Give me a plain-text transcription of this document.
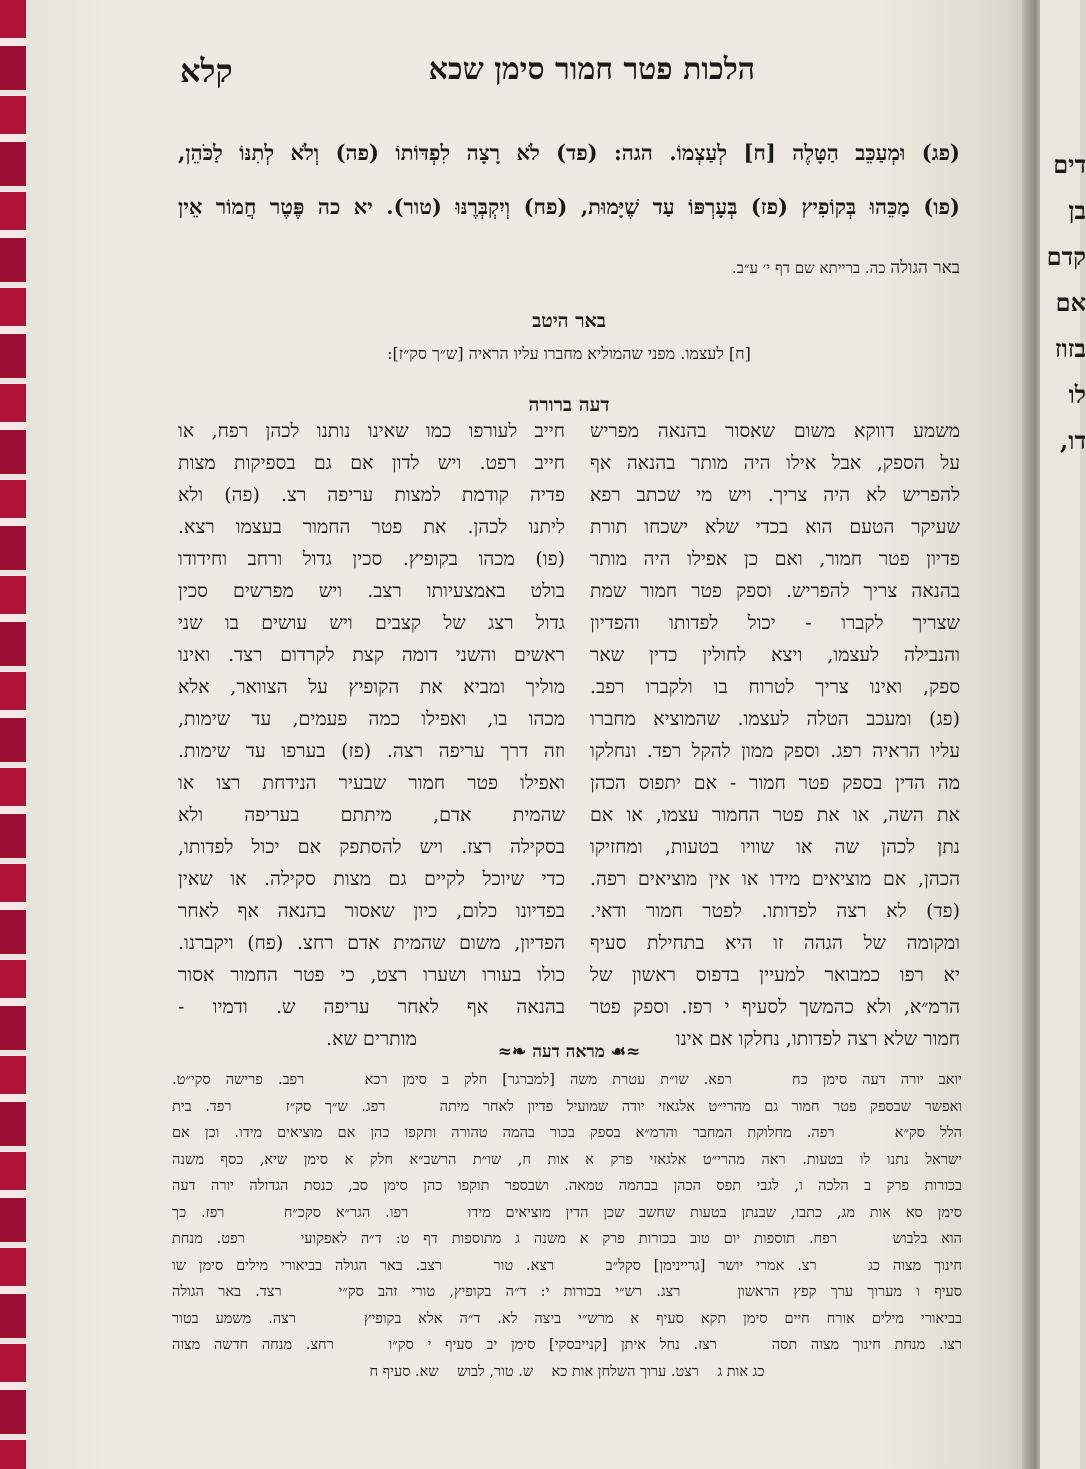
דים
בן
קדם
אם
בזוז
לו
דו,
הלכות פטר חמור סימן שכא
קלא
(פג) וּמְעַכֵּב הַטָּלֶה [ח] לְעַצְמוֹ. הגה: (פד) לֹא רָצָה לִפְדּוֹתוֹ (פה) וְלֹא לְתִנּוֹ לַכֹּהֵן,
(פו) מַכֵּהוּ בְּקוֹפִיץ (פז) בְּעָרְפּוֹ עַד שֶׁיָּמוּת, (פח) וְיִקְבְּרֶנּוּ (טור). יא כה פֶּטֶר חֲמוֹר אֵין
באר הגולה כה. ברייתא שם דף י׳ ע״ב.
באר היטב
[ח] לעצמו. מפני שהמוליא מחברו עליו הראיה [ש״ך סק״ז]:
דעה ברורה
משמע דווקא משום שאסור בהנאה מפריש
על הספק, אבל אילו היה מותר בהנאה אף
להפריש לא היה צריך. ויש מי שכתב רפא
שעיקר הטעם הוא בכדי שלא ישכחו תורת
פדיון פטר חמור, ואם כן אפילו היה מותר
בהנאה צריך להפריש. וספק פטר חמור שמת
שצריך לקברו - יכול לפדותו והפדיון
והנבילה לעצמו, ויצא לחולין כדין שאר
ספק, ואינו צריך לטרוח בו ולקברו רפב.
(פג) ומעכב הטלה לעצמו. שהמוציא מחברו
עליו הראיה רפג. וספק ממון להקל רפד. ונחלקו
מה הדין בספק פטר חמור - אם יתפוס הכהן
את השה, או את פטר החמור עצמו, או אם
נתן לכהן שה או שוויו בטעות, ומחזיקו
הכהן, אם מוציאים מידו או אין מוציאים רפה.
(פד) לא רצה לפדותו. לפטר חמור ודאי.
ומקומה של הגהה זו היא בתחילת סעיף
יא רפו כמבואר למעיין בדפוס ראשון של
הרמ״א, ולא כהמשך לסעיף י רפז. וספק פטר
חמור שלא רצה לפדותו, נחלקו אם אינו
חייב לעורפו כמו שאינו נותנו לכהן רפח, או
חייב רפט. ויש לדון אם גם בספיקות מצות
פדיה קודמת למצות עריפה רצ. (פה) ולא
ליתנו לכהן. את פטר החמור בעצמו רצא.
(פו) מכהו בקופיץ. סכין גדול ורחב וחידודו
בולט באמצעיותו רצב. ויש מפרשים סכין
גדול רצג של קצבים ויש עושים בו שני
ראשים והשני דומה קצת לקרדום רצד. ואינו
מוליך ומביא את הקופיץ על הצוואר, אלא
מכהו בו, ואפילו כמה פעמים, עד שימות,
וזה דרך עריפה רצה. (פז) בערפו עד שימות.
ואפילו פטר חמור שבעיר הנידחת רצו או
שהמית אדם, מיתתם בעריפה ולא
בסקילה רצז. ויש להסתפק אם יכול לפדותו,
כדי שיוכל לקיים גם מצות סקילה. או שאין
בפדיונו כלום, כיון שאסור בהנאה אף לאחר
הפדיון, משום שהמית אדם רחצ. (פח) ויקברנו.
כולו בעורו ושערו רצט, כי פטר החמור אסור
בהנאה אף לאחר עריפה ש. ודמיו -
מותרים שא.
≈☙ מראה דעה ❧≈
יואב יורה דעה סימן כח    רפא. שו״ת עטרת משה [למברגר] חלק ב סימן רכא    רפב. פרישה סקי״ט.
ואפשר שבספק פטר חמור גם מהרי״ט אלגאזי יודה שמועיל פדיון לאחר מיתה    רפג. ש״ך סק״ז    רפד. בית
הלל סק״א    רפה. מחלוקת המחבר והרמ״א בספק בכור בהמה טהורה ותקפו כהן אם מוציאים מידו. וכן אם
ישראל נתנו לו בטעות. ראה מהרי״ט אלגאזי פרק א אות ח, שו״ת הרשב״א חלק א סימן שיא, כסף משנה
בכורות פרק ב הלכה ו, לגבי תפס הכהן בבהמה טמאה. ושבספר תוקפו כהן סימן סב, כנסת הגדולה יורה דעה
סימן סא אות מג, כתבו, שבנתן בטעות שחשב שכן הדין מוציאים מידו    רפו. הגר״א סקכ״ח    רפז. כך
הוא בלבוש    רפח. תוספות יום טוב בכורות פרק א משנה ג מתוספות דף ט: ד״ה לאפקועי    רפט. מנחת
חינוך מצוה כג    רצ. אמרי יושר [גריינימן] סקל״ב    רצא. טור    רצב. באר הגולה בביאורי מילים סימן שו
סעיף ו מערוך ערך קפץ הראשון    רצג. רש״י בכורות י: ד״ה בקופיץ, טורי זהב סק״י    רצד. באר הגולה
בביאורי מילים אורח חיים סימן תקא סעיף א מרש״י ביצה לא. ד״ה אלא בקופיץ    רצה. משמע בטור
רצו. מנחת חינוך מצוה תסה    רצז. נחל איתן [קנייבסקי] סימן יב סעיף י סק״ו    רחצ. מנחה חדשה מצוה
כג אות ג    רצט. ערוך השלחן אות כא    ש. טור, לבוש    שא. סעיף ח
